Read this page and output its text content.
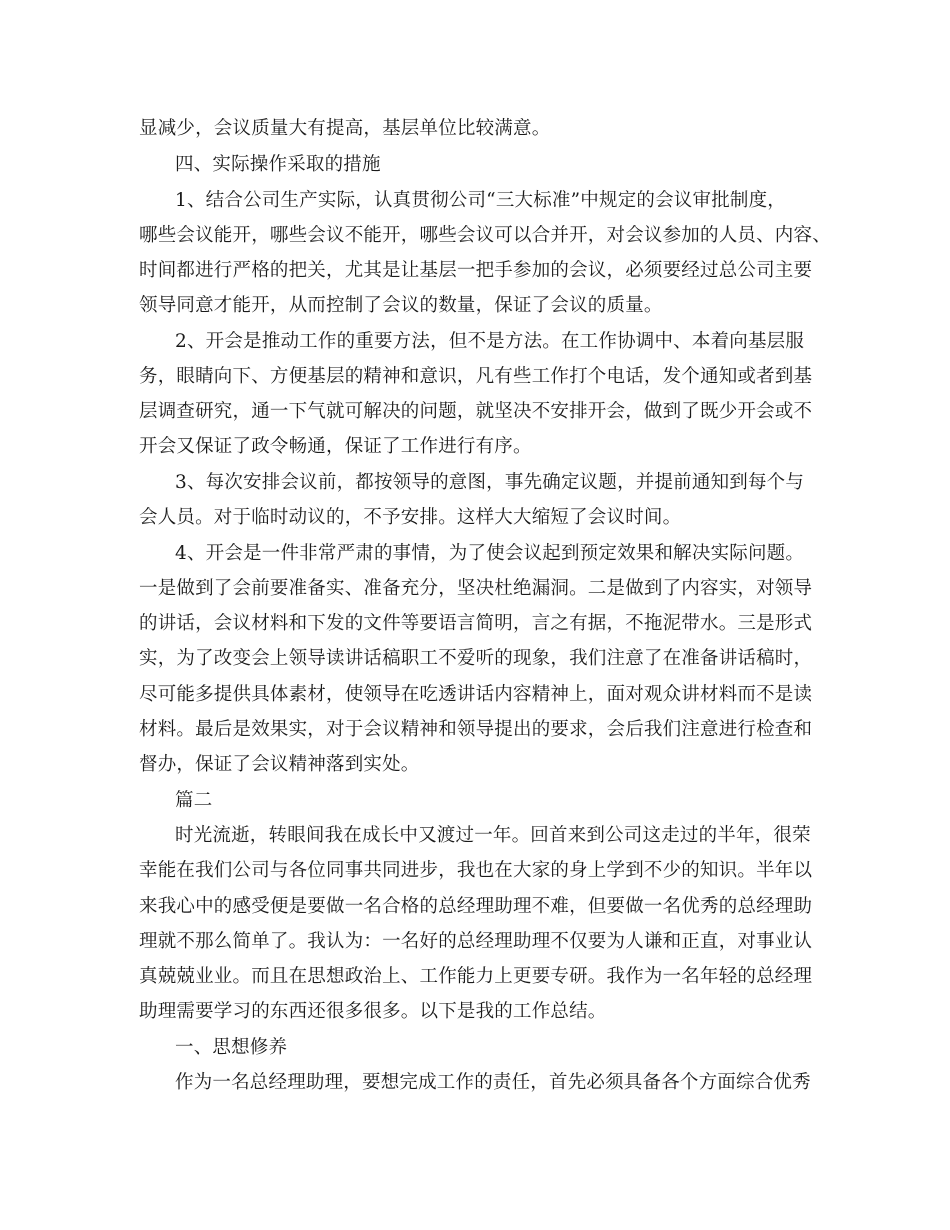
显减少，会议质量大有提高，基层单位比较满意。
四、实际操作采取的措施
1、结合公司生产实际，认真贯彻公司“三大标准”中规定的会议审批制度，
哪些会议能开，哪些会议不能开，哪些会议可以合并开，对会议参加的人员、内容、
时间都进行严格的把关，尤其是让基层一把手参加的会议，必须要经过总公司主要
领导同意才能开，从而控制了会议的数量，保证了会议的质量。
2、开会是推动工作的重要方法，但不是方法。在工作协调中、本着向基层服
务，眼睛向下、方便基层的精神和意识，凡有些工作打个电话，发个通知或者到基
层调查研究，通一下气就可解决的问题，就坚决不安排开会，做到了既少开会或不
开会又保证了政令畅通，保证了工作进行有序。
3、每次安排会议前，都按领导的意图，事先确定议题，并提前通知到每个与
会人员。对于临时动议的，不予安排。这样大大缩短了会议时间。
4、开会是一件非常严肃的事情，为了使会议起到预定效果和解决实际问题。
一是做到了会前要准备实、准备充分，坚决杜绝漏洞。二是做到了内容实，对领导
的讲话，会议材料和下发的文件等要语言简明，言之有据，不拖泥带水。三是形式
实，为了改变会上领导读讲话稿职工不爱听的现象，我们注意了在准备讲话稿时，
尽可能多提供具体素材，使领导在吃透讲话内容精神上，面对观众讲材料而不是读
材料。最后是效果实，对于会议精神和领导提出的要求，会后我们注意进行检查和
督办，保证了会议精神落到实处。
篇二
时光流逝，转眼间我在成长中又渡过一年。回首来到公司这走过的半年，很荣
幸能在我们公司与各位同事共同进步，我也在大家的身上学到不少的知识。半年以
来我心中的感受便是要做一名合格的总经理助理不难，但要做一名优秀的总经理助
理就不那么简单了。我认为：一名好的总经理助理不仅要为人谦和正直，对事业认
真兢兢业业。而且在思想政治上、工作能力上更要专研。我作为一名年轻的总经理
助理需要学习的东西还很多很多。以下是我的工作总结。
一、思想修养
作为一名总经理助理，要想完成工作的责任，首先必须具备各个方面综合优秀
